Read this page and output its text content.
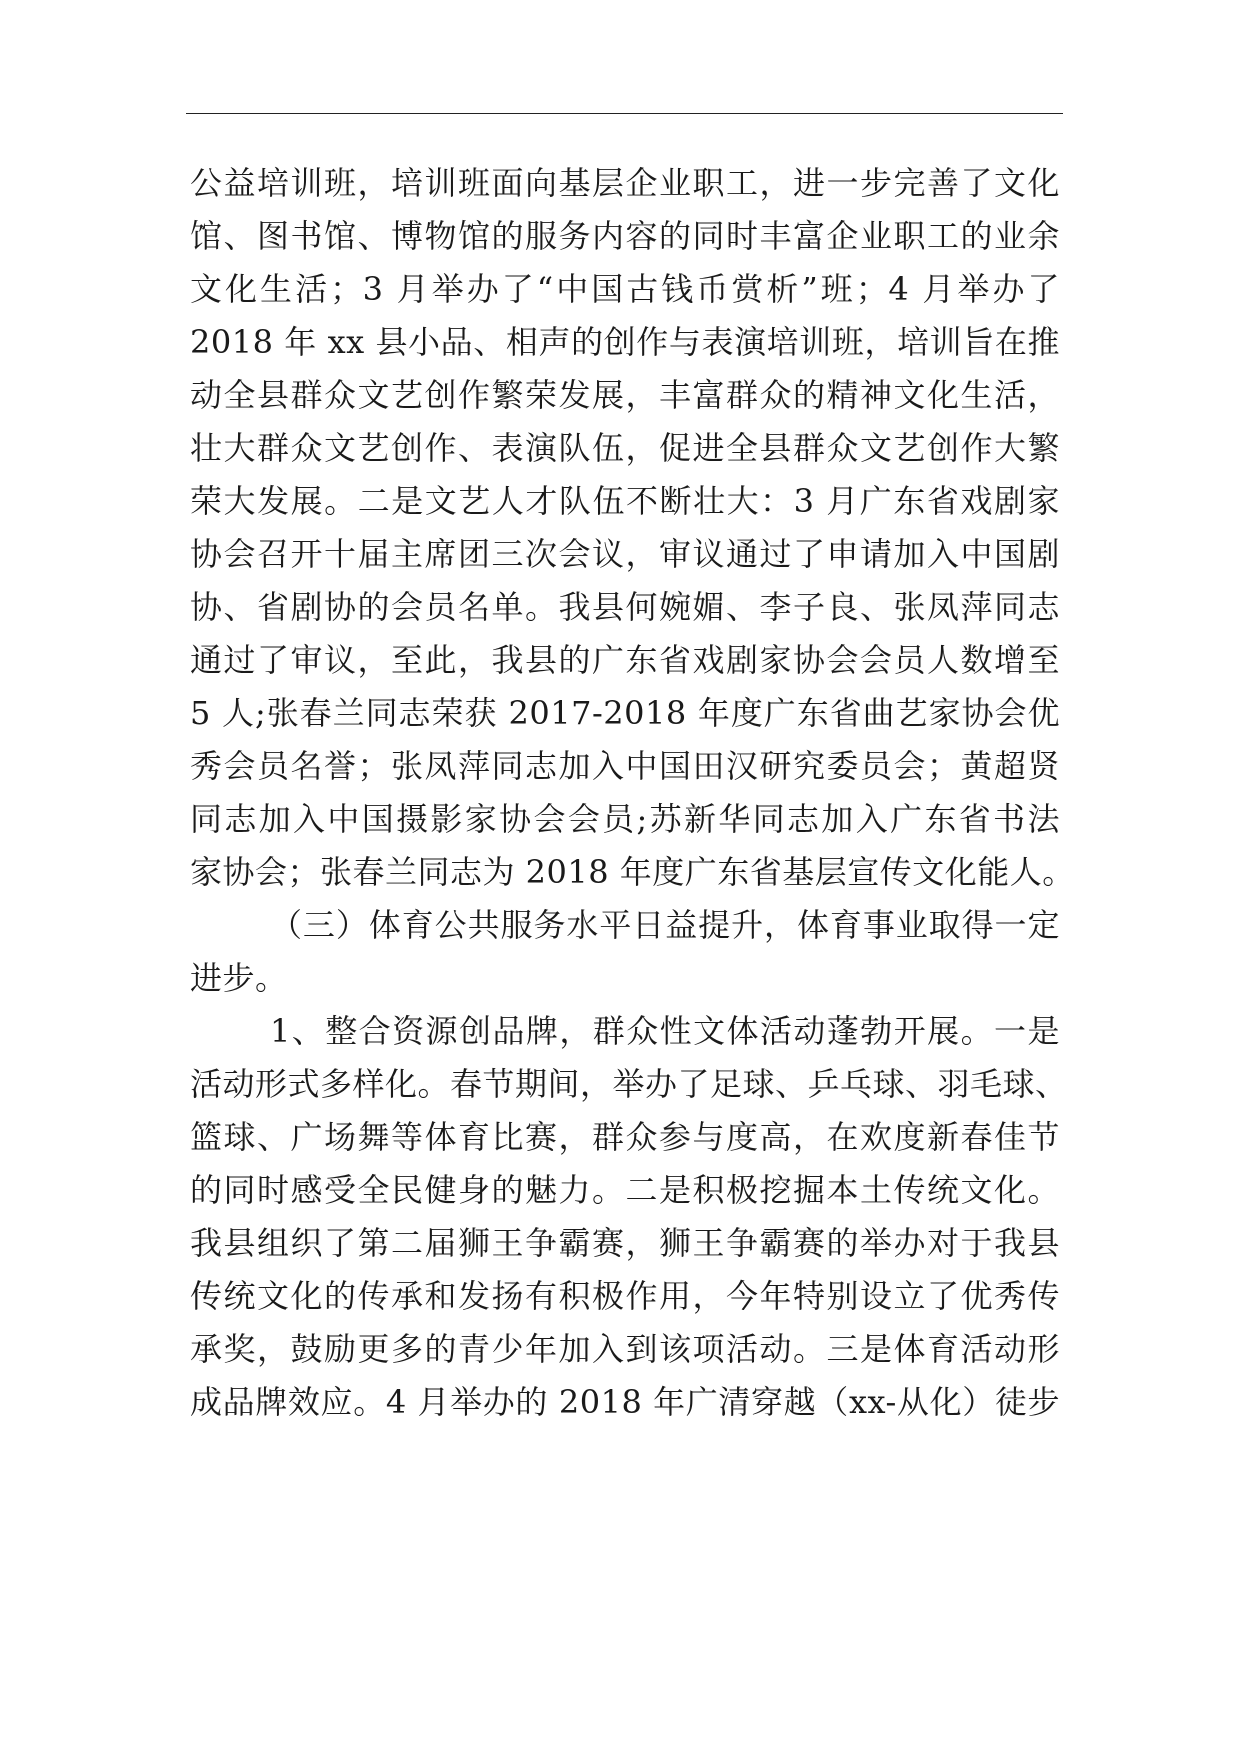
公益培训班，培训班面向基层企业职工，进一步完善了文化
馆、图书馆、博物馆的服务内容的同时丰富企业职工的业余
文化生活；3 月举办了“中国古钱币赏析”班；4 月举办了
2018 年 xx 县小品、相声的创作与表演培训班，培训旨在推
动全县群众文艺创作繁荣发展，丰富群众的精神文化生活，
壮大群众文艺创作、表演队伍，促进全县群众文艺创作大繁
荣大发展。二是文艺人才队伍不断壮大：3 月广东省戏剧家
协会召开十届主席团三次会议，审议通过了申请加入中国剧
协、省剧协的会员名单。我县何婉媚、李子良、张凤萍同志
通过了审议，至此，我县的广东省戏剧家协会会员人数增至
5 人;张春兰同志荣获 2017-2018 年度广东省曲艺家协会优
秀会员名誉；张凤萍同志加入中国田汉研究委员会；黄超贤
同志加入中国摄影家协会会员;苏新华同志加入广东省书法
家协会；张春兰同志为 2018 年度广东省基层宣传文化能人。
（三）体育公共服务水平日益提升，体育事业取得一定
进步。
1、整合资源创品牌，群众性文体活动蓬勃开展。一是
活动形式多样化。春节期间，举办了足球、乒乓球、羽毛球、
篮球、广场舞等体育比赛，群众参与度高，在欢度新春佳节
的同时感受全民健身的魅力。二是积极挖掘本土传统文化。
我县组织了第二届狮王争霸赛，狮王争霸赛的举办对于我县
传统文化的传承和发扬有积极作用，今年特别设立了优秀传
承奖，鼓励更多的青少年加入到该项活动。三是体育活动形
成品牌效应。4 月举办的 2018 年广清穿越（xx-从化）徒步
